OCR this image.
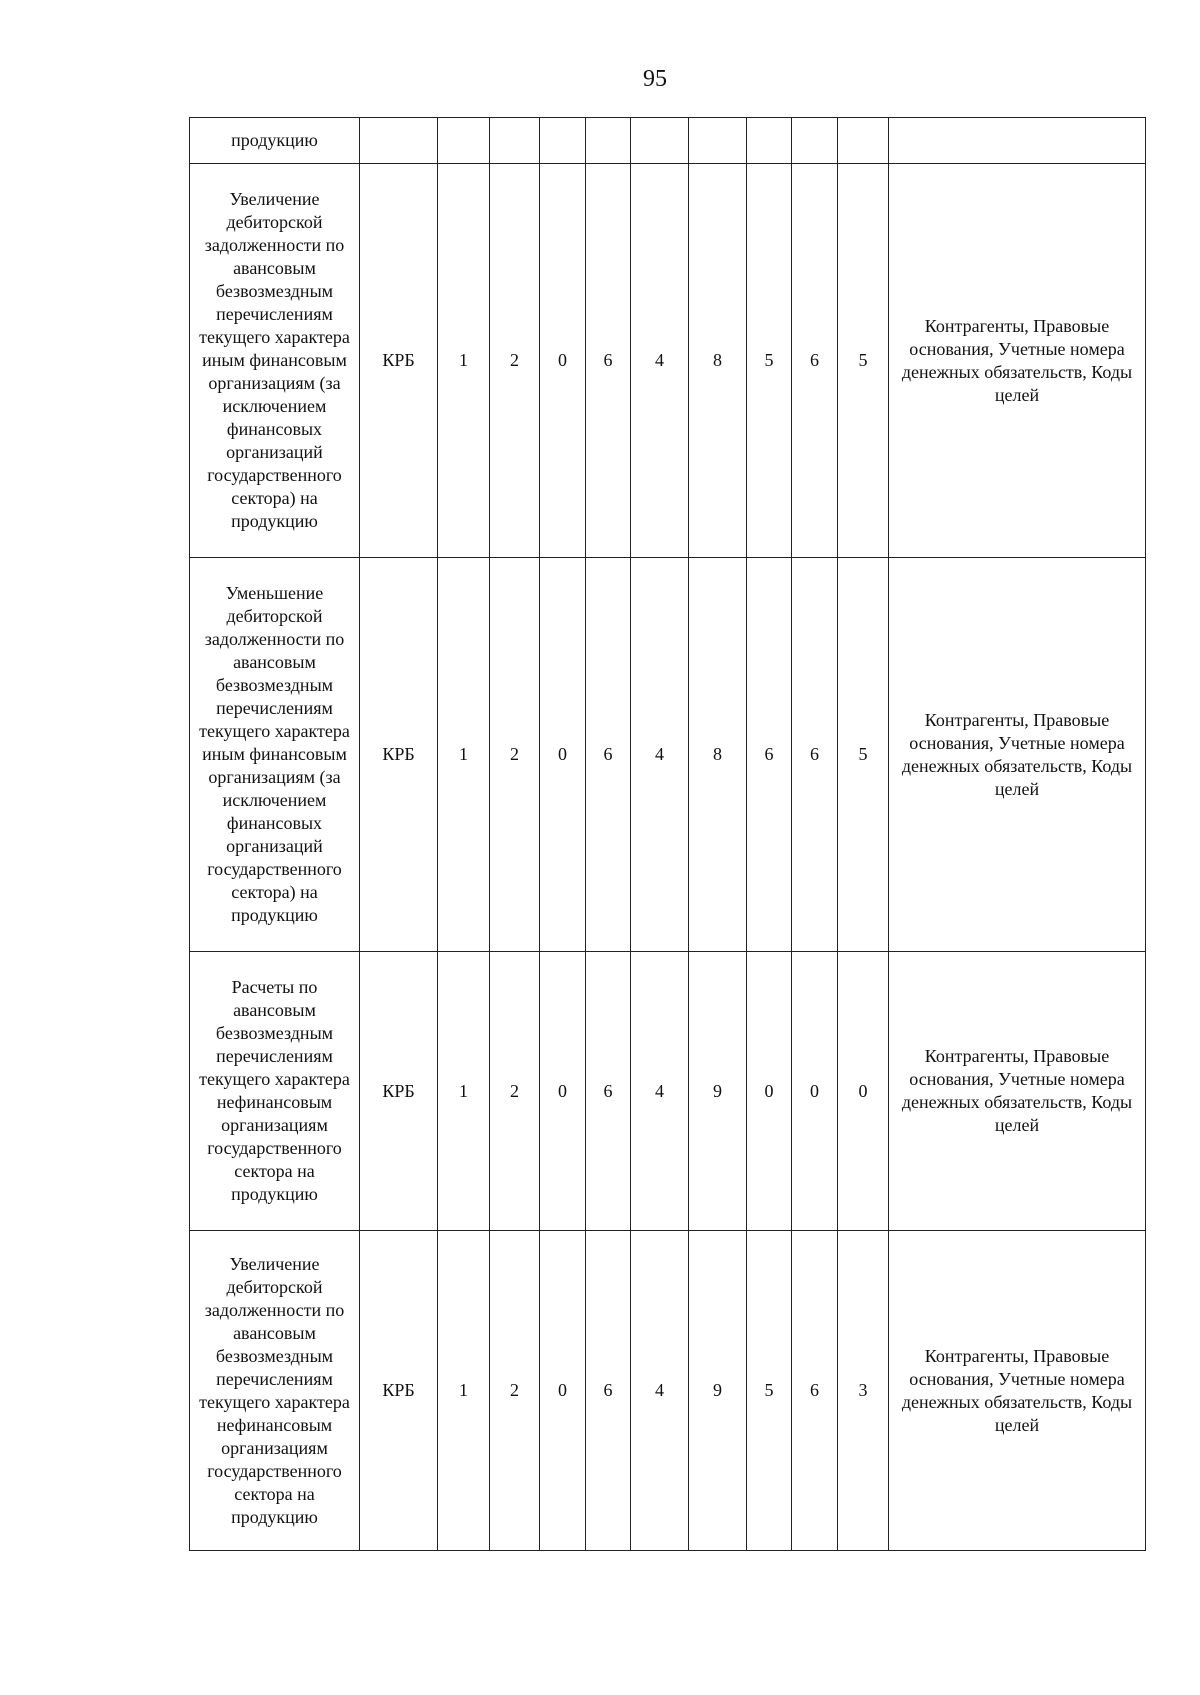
95
продукцию											
Увеличение дебиторской задолженности по авансовым безвозмездным перечислениям текущего характера иным финансовым организациям (за исключением финансовых организаций государственного сектора) на продукцию	КРБ	1	2	0	6	4	8	5	6	5	Контрагенты, Правовые основания, Учетные номера денежных обязательств, Коды целей
Уменьшение дебиторской задолженности по авансовым безвозмездным перечислениям текущего характера иным финансовым организациям (за исключением финансовых организаций государственного сектора) на продукцию	КРБ	1	2	0	6	4	8	6	6	5	Контрагенты, Правовые основания, Учетные номера денежных обязательств, Коды целей
Расчеты по авансовым безвозмездным перечислениям текущего характера нефинансовым организациям государственного сектора на продукцию	КРБ	1	2	0	6	4	9	0	0	0	Контрагенты, Правовые основания, Учетные номера денежных обязательств, Коды целей
Увеличение дебиторской задолженности по авансовым безвозмездным перечислениям текущего характера нефинансовым организациям государственного сектора на продукцию	КРБ	1	2	0	6	4	9	5	6	3	Контрагенты, Правовые основания, Учетные номера денежных обязательств, Коды целей
